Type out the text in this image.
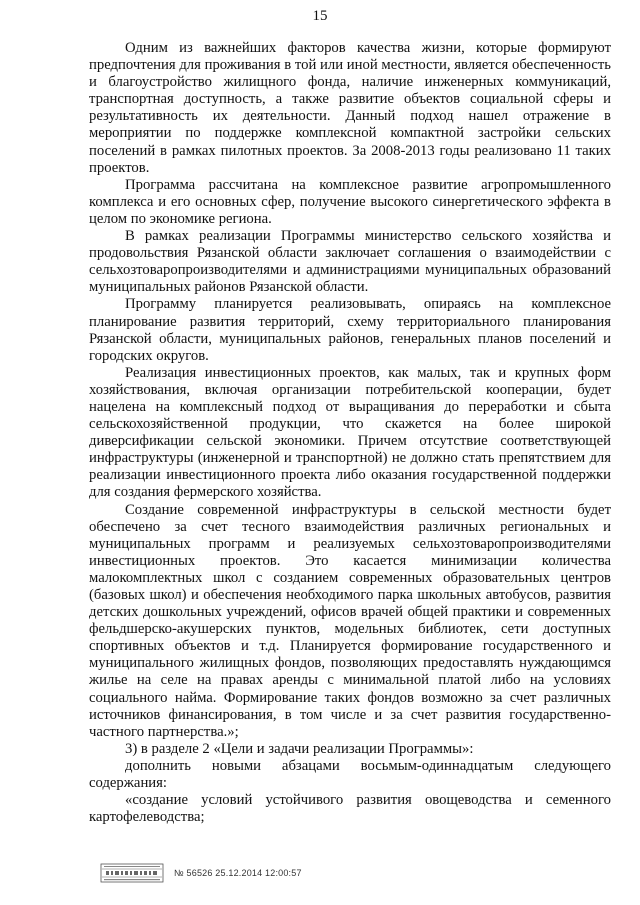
15

Одним из важнейших факторов качества жизни, которые формируют предпочтения для проживания в той или иной местности, является обеспеченность и благоустройство жилищного фонда, наличие инженерных коммуникаций, транспортная доступность, а также развитие объектов социальной сферы и результативность их деятельности. Данный подход нашел отражение в мероприятии по поддержке комплексной компактной застройки сельских поселений в рамках пилотных проектов. За 2008-2013 годы реализовано 11 таких проектов.

Программа рассчитана на комплексное развитие агропромышленного комплекса и его основных сфер, получение высокого синергетического эффекта в целом по экономике региона.

В рамках реализации Программы министерство сельского хозяйства и продовольствия Рязанской области заключает соглашения о взаимодействии с сельхозтоваропроизводителями и администрациями муниципальных образований муниципальных районов Рязанской области.

Программу планируется реализовывать, опираясь на комплексное планирование развития территорий, схему территориального планирования Рязанской области, муниципальных районов, генеральных планов поселений и городских округов.

Реализация инвестиционных проектов, как малых, так и крупных форм хозяйствования, включая организации потребительской кооперации, будет нацелена на комплексный подход от выращивания до переработки и сбыта сельскохозяйственной продукции, что скажется на более широкой диверсификации сельской экономики. Причем отсутствие соответствующей инфраструктуры (инженерной и транспортной) не должно стать препятствием для реализации инвестиционного проекта либо оказания государственной поддержки для создания фермерского хозяйства.

Создание современной инфраструктуры в сельской местности будет обеспечено за счет тесного взаимодействия различных региональных и муниципальных программ и реализуемых сельхозтоваропроизводителями инвестиционных проектов. Это касается минимизации количества малокомплектных школ с созданием современных образовательных центров (базовых школ) и обеспечения необходимого парка школьных автобусов, развития детских дошкольных учреждений, офисов врачей общей практики и современных фельдшерско-акушерских пунктов, модельных библиотек, сети доступных спортивных объектов и т.д. Планируется формирование государственного и муниципального жилищных фондов, позволяющих предоставлять нуждающимся жилье на селе на правах аренды с минимальной платой либо на условиях социального найма. Формирование таких фондов возможно за счет различных источников финансирования, в том числе и за счет развития государственно-частного партнерства.»;

3) в разделе 2 «Цели и задачи реализации Программы»:

дополнить новыми абзацами восьмым-одиннадцатым следующего содержания:

«создание условий устойчивого развития овощеводства и семенного картофелеводства;

№ 56526 25.12.2014 12:00:57
